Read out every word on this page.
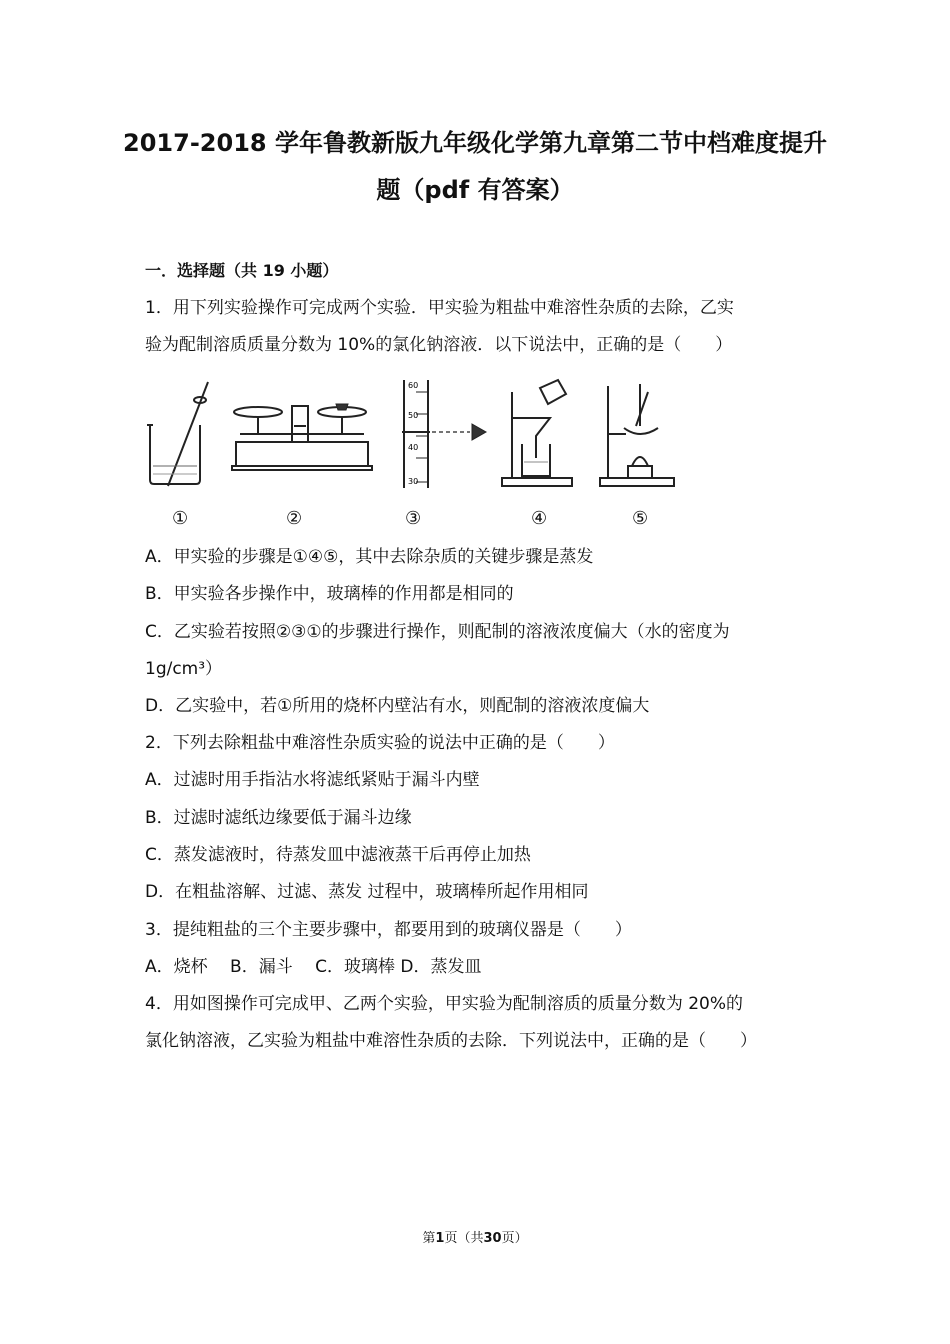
2017-2018 学年鲁教新版九年级化学第九章第二节中档难度提升
题（pdf 有答案）
一．选择题（共 19 小题）
1．用下列实验操作可完成两个实验．甲实验为粗盐中难溶性杂质的去除，乙实
验为配制溶质质量分数为 10%的氯化钠溶液．以下说法中，正确的是（　　）
60
50
40
30
①	②	③	④	⑤
A．甲实验的步骤是①④⑤，其中去除杂质的关键步骤是蒸发
B．甲实验各步操作中，玻璃棒的作用都是相同的
C．乙实验若按照②③①的步骤进行操作，则配制的溶液浓度偏大（水的密度为
1g/cm³）
D．乙实验中，若①所用的烧杯内壁沾有水，则配制的溶液浓度偏大
2．下列去除粗盐中难溶性杂质实验的说法中正确的是（　　）
A．过滤时用手指沾水将滤纸紧贴于漏斗内壁
B．过滤时滤纸边缘要低于漏斗边缘
C．蒸发滤液时，待蒸发皿中滤液蒸干后再停止加热
D．在粗盐溶解、过滤、蒸发 过程中，玻璃棒所起作用相同
3．提纯粗盐的三个主要步骤中，都要用到的玻璃仪器是（　　）
A．烧杯　 B．漏斗　 C．玻璃棒 D．蒸发皿
4．用如图操作可完成甲、乙两个实验，甲实验为配制溶质的质量分数为 20%的
氯化钠溶液，乙实验为粗盐中难溶性杂质的去除．下列说法中，正确的是（　　）
第1页（共30页）
